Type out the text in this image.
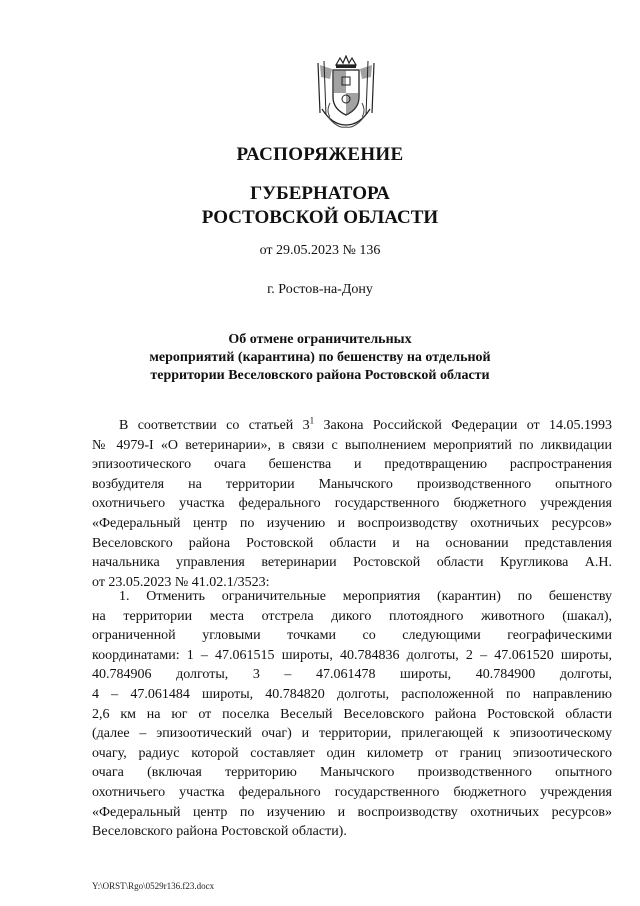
РАСПОРЯЖЕНИЕ
ГУБЕРНАТОРА
РОСТОВСКОЙ ОБЛАСТИ
от 29.05.2023 № 136
г. Ростов-на-Дону
Об отмене ограничительных
мероприятий (карантина) по бешенству на отдельной
территории Веселовского района Ростовской области
В соответствии со статьей $3^1$ Закона Российской Федерации от 14.05.1993
№ 4979-I «О ветеринарии», в связи с выполнением мероприятий по ликвидации
эпизоотического очага бешенства и предотвращению распространения
возбудителя на территории Манычского производственного опытного
охотничьего участка федерального государственного бюджетного учреждения
«Федеральный центр по изучению и воспроизводству охотничьих ресурсов»
Веселовского района Ростовской области и на основании представления
начальника управления ветеринарии Ростовской области Кругликова А.Н.
от 23.05.2023 № 41.02.1/3523:
1. Отменить ограничительные мероприятия (карантин) по бешенству
на территории места отстрела дикого плотоядного животного (шакал),
ограниченной угловыми точками со следующими географическими
координатами: 1 – 47.061515 широты, 40.784836 долготы, 2 – 47.061520 широты,
40.784906 долготы, 3 – 47.061478 широты, 40.784900 долготы,
4 – 47.061484 широты, 40.784820 долготы, расположенной по направлению
2,6 км на юг от поселка Веселый Веселовского района Ростовской области
(далее – эпизоотический очаг) и территории, прилегающей к эпизоотическому
очагу, радиус которой составляет один километр от границ эпизоотического
очага (включая территорию Манычского производственного опытного
охотничьего участка федерального государственного бюджетного учреждения
«Федеральный центр по изучению и воспроизводству охотничьих ресурсов»
Веселовского района Ростовской области).
Y:\ORST\Rgo\0529r136.f23.docx
